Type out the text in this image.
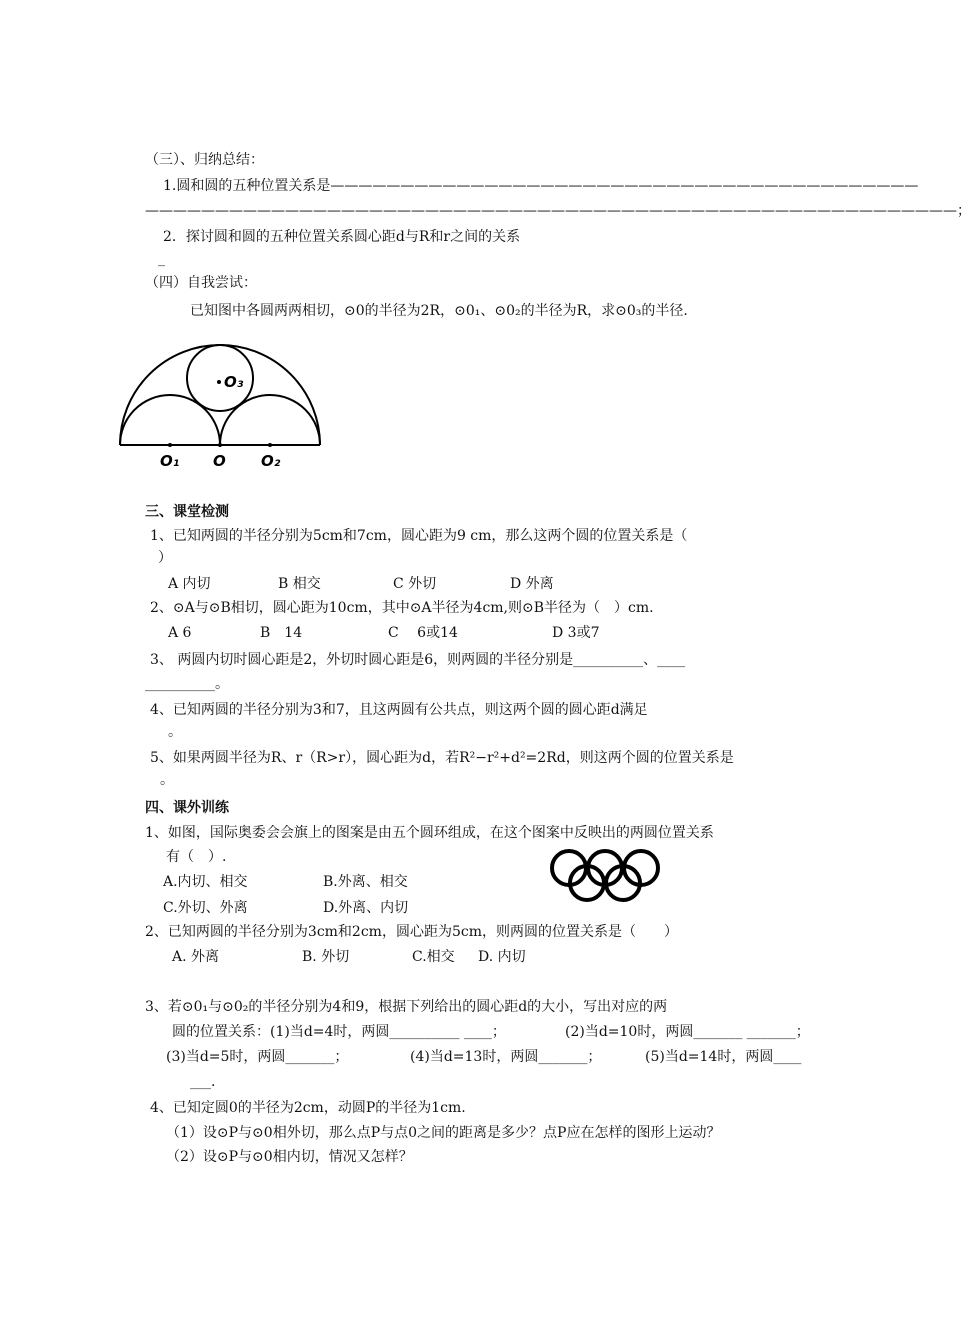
（三）、归纳总结：
1.圆和圆的五种位置关系是——————————————————————————————————————————
——————————————————————————————————————————————————————————；
2．探讨圆和圆的五种位置关系圆心距d与R和r之间的关系
_
（四）自我尝试：
已知图中各圆两两相切，⊙0的半径为2R，⊙0₁、⊙0₂的半径为R，求⊙0₃的半径.
O₃
O₁ O O₂
三、课堂检测
1、已知两圆的半径分别为5cm和7cm，圆心距为9 cm，那么这两个圆的位置关系是（
）
A 内切	B 相交	C 外切	D 外离
2、⊙A与⊙B相切，圆心距为10cm，其中⊙A半径为4cm,则⊙B半径为（　）cm.
A 6	B　14	C　 6或14	D 3或7
3、 两圆内切时圆心距是2，外切时圆心距是6，则两圆的半径分别是__________、____
__________。
4、已知两圆的半径分别为3和7，且这两圆有公共点，则这两个圆的圆心距d满足
。
5、如果两圆半径为R、r（R>r），圆心距为d，若R²−r²+d²=2Rd，则这两个圆的位置关系是
。
四、课外训练
1、如图，国际奥委会会旗上的图案是由五个圆环组成，在这个图案中反映出的两圆位置关系
有（　）.
A.内切、相交	B.外离、相交
C.外切、外离	D.外离、内切
2、已知两圆的半径分别为3cm和2cm，圆心距为5cm，则两圆的位置关系是（　　）
A. 外离	B. 外切	C.相交 D. 内切
3、若⊙0₁与⊙0₂的半径分别为4和9，根据下列给出的圆心距d的大小，写出对应的两
圆的位置关系：(1)当d=4时，两圆__________ ____；	(2)当d=10时，两圆_______ _______；
(3)当d=5时，两圆_______；	(4)当d=13时，两圆_______；	(5)当d=14时，两圆____
___.
4、已知定圆0的半径为2cm，动圆P的半径为1cm.
（1）设⊙P与⊙0相外切，那么点P与点0之间的距离是多少？点P应在怎样的图形上运动？
（2）设⊙P与⊙0相内切，情况又怎样？
